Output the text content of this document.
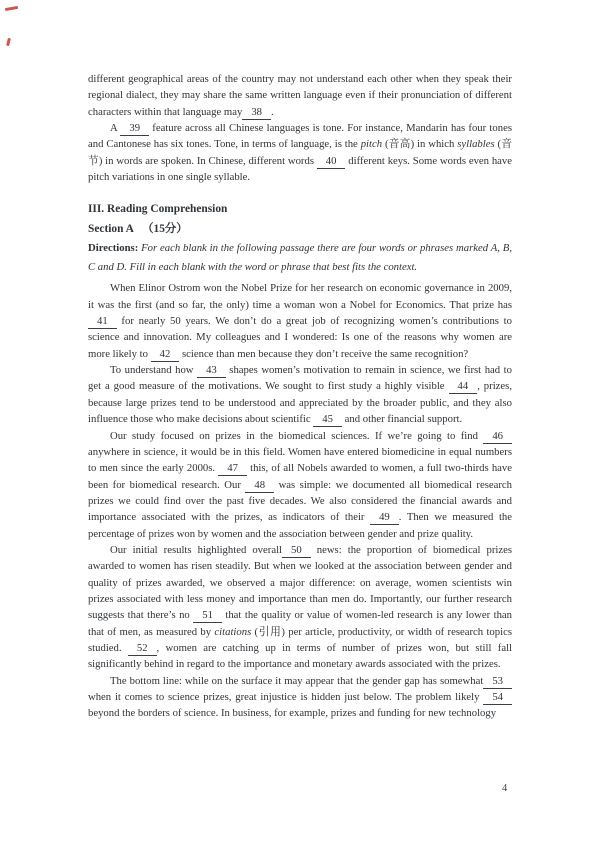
different geographical areas of the country may not understand each other when they speak their regional dialect, they may share the same written language even if their pronunciation of different characters within that language may 38 .

A 39 feature across all Chinese languages is tone. For instance, Mandarin has four tones and Cantonese has six tones. Tone, in terms of language, is the pitch (音高) in which syllables (音节) in words are spoken. In Chinese, different words 40 different keys. Some words even have pitch variations in one single syllable.

III. Reading Comprehension
Section A （15分）

Directions: For each blank in the following passage there are four words or phrases marked A, B, C and D. Fill in each blank with the word or phrase that best fits the context.

When Elinor Ostrom won the Nobel Prize for her research on economic governance in 2009, it was the first (and so far, the only) time a woman won a Nobel for Economics. That prize has 41 for nearly 50 years. We don’t do a great job of recognizing women’s contributions to science and innovation. My colleagues and I wondered: Is one of the reasons why women are more likely to 42 science than men because they don’t receive the same recognition?

To understand how 43 shapes women’s motivation to remain in science, we first had to get a good measure of the motivations. We sought to first study a highly visible 44 , prizes, because large prizes tend to be understood and appreciated by the broader public, and they also influence those who make decisions about scientific 45 and other financial support.

Our study focused on prizes in the biomedical sciences. If we’re going to find 46 anywhere in science, it would be in this field. Women have entered biomedicine in equal numbers to men since the early 2000s. 47 this, of all Nobels awarded to women, a full two-thirds have been for biomedical research. Our 48 was simple: we documented all biomedical research prizes we could find over the past five decades. We also considered the financial awards and importance associated with the prizes, as indicators of their 49 . Then we measured the percentage of prizes won by women and the association between gender and prize quality.

Our initial results highlighted overall 50 news: the proportion of biomedical prizes awarded to women has risen steadily. But when we looked at the association between gender and quality of prizes awarded, we observed a major difference: on average, women scientists win prizes associated with less money and importance than men do. Importantly, our further research suggests that there’s no 51 that the quality or value of women-led research is any lower than that of men, as measured by citations (引用) per article, productivity, or width of research topics studied. 52 , women are catching up in terms of number of prizes won, but still fall significantly behind in regard to the importance and monetary awards associated with the prizes.

The bottom line: while on the surface it may appear that the gender gap has somewhat 53 when it comes to science prizes, great injustice is hidden just below. The problem likely 54 beyond the borders of science. In business, for example, prizes and funding for new technology

4
